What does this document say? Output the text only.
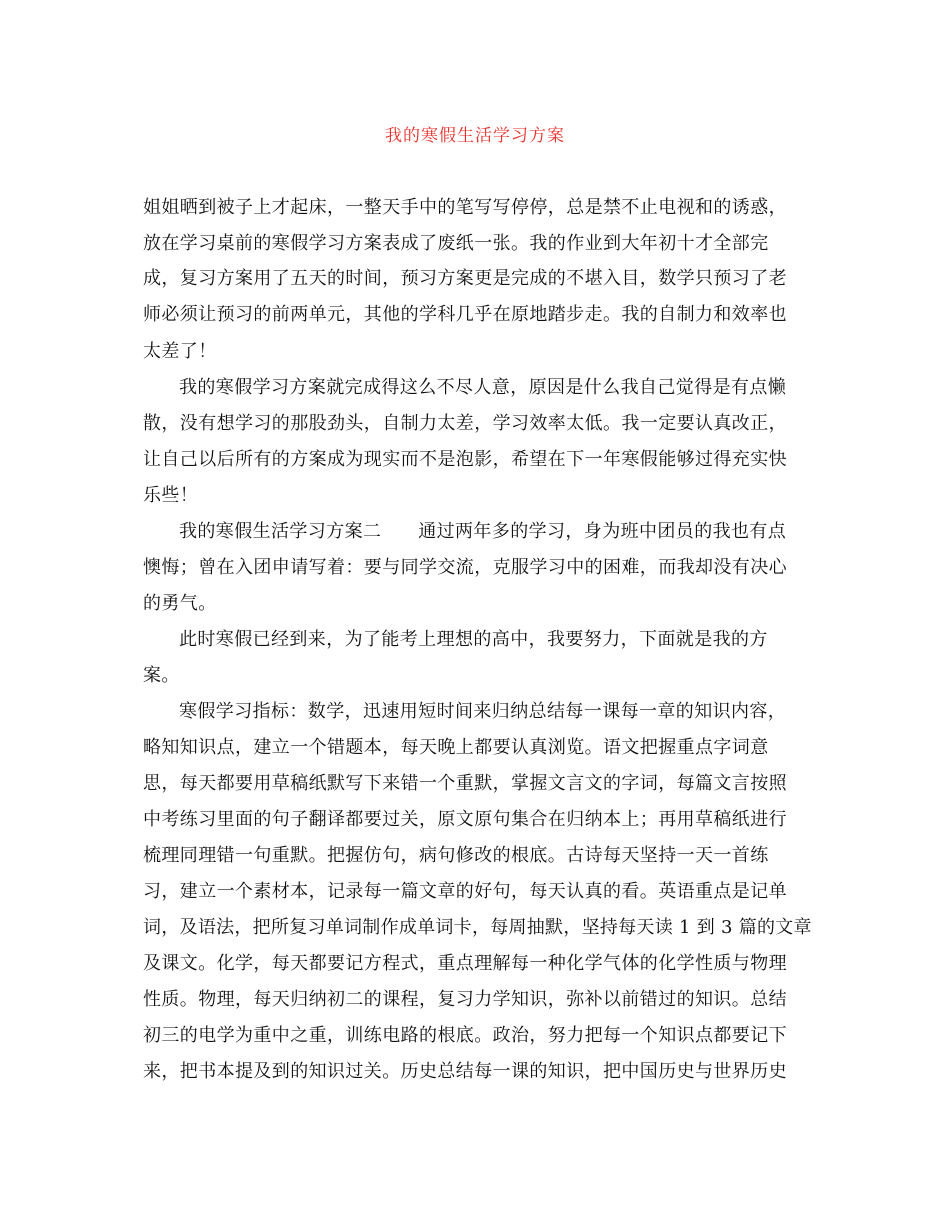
我的寒假生活学习方案
姐姐晒到被子上才起床，一整天手中的笔写写停停，总是禁不止电视和的诱惑，
放在学习桌前的寒假学习方案表成了废纸一张。我的作业到大年初十才全部完
成，复习方案用了五天的时间，预习方案更是完成的不堪入目，数学只预习了老
师必须让预习的前两单元，其他的学科几乎在原地踏步走。我的自制力和效率也
太差了！
我的寒假学习方案就完成得这么不尽人意，原因是什么我自己觉得是有点懒
散，没有想学习的那股劲头，自制力太差，学习效率太低。我一定要认真改正，
让自己以后所有的方案成为现实而不是泡影，希望在下一年寒假能够过得充实快
乐些！
我的寒假生活学习方案二　　通过两年多的学习，身为班中团员的我也有点
懊悔；曾在入团申请写着：要与同学交流，克服学习中的困难，而我却没有决心
的勇气。
此时寒假已经到来，为了能考上理想的高中，我要努力，下面就是我的方
案。
寒假学习指标：数学，迅速用短时间来归纳总结每一课每一章的知识内容，
略知知识点，建立一个错题本，每天晚上都要认真浏览。语文把握重点字词意
思，每天都要用草稿纸默写下来错一个重默，掌握文言文的字词，每篇文言按照
中考练习里面的句子翻译都要过关，原文原句集合在归纳本上；再用草稿纸进行
梳理同理错一句重默。把握仿句，病句修改的根底。古诗每天坚持一天一首练
习，建立一个素材本，记录每一篇文章的好句，每天认真的看。英语重点是记单
词，及语法，把所复习单词制作成单词卡，每周抽默，坚持每天读 1 到 3 篇的文章
及课文。化学，每天都要记方程式，重点理解每一种化学气体的化学性质与物理
性质。物理，每天归纳初二的课程，复习力学知识，弥补以前错过的知识。总结
初三的电学为重中之重，训练电路的根底。政治，努力把每一个知识点都要记下
来，把书本提及到的知识过关。历史总结每一课的知识，把中国历史与世界历史
